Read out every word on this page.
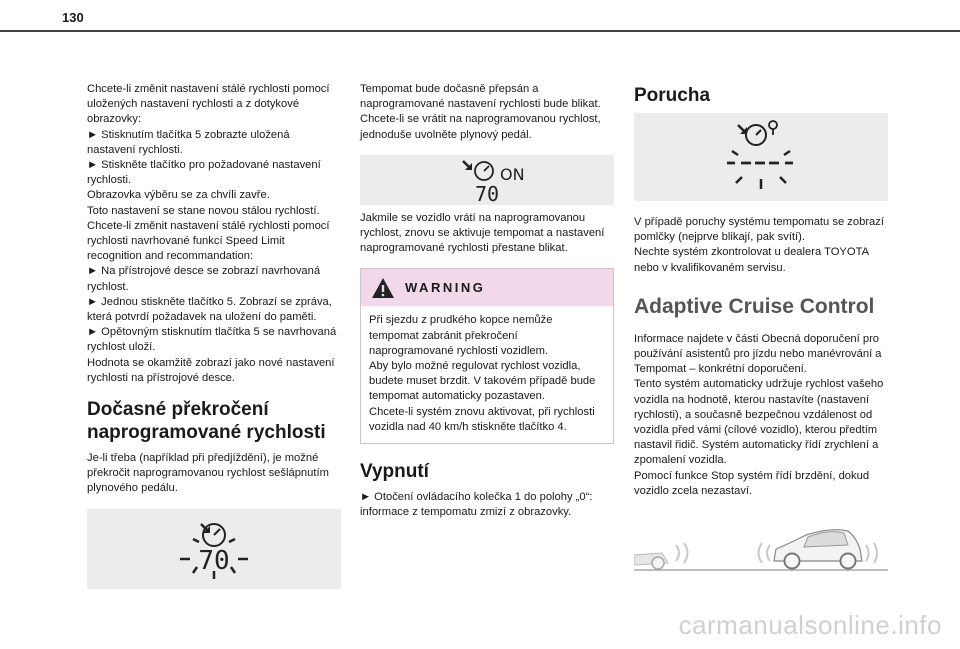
130

Chcete-li změnit nastavení stálé rychlosti pomocí uložených nastavení rychlosti a z dotykové obrazovky:

► Stisknutím tlačítka 5 zobrazte uložená nastavení rychlosti.

► Stiskněte tlačítko pro požadované nastavení rychlosti.

Obrazovka výběru se za chvíli zavře.

Toto nastavení se stane novou stálou rychlostí.

Chcete-li změnit nastavení stálé rychlosti pomocí rychlosti navrhované funkcí Speed Limit recognition and recommandation:

► Na přístrojové desce se zobrazí navrhovaná rychlost.

► Jednou stiskněte tlačítko 5. Zobrazí se zpráva, která potvrdí požadavek na uložení do paměti.

► Opětovným stisknutím tlačítka 5 se navrhovaná rychlost uloží.

Hodnota se okamžitě zobrazí jako nové nastavení rychlosti na přístrojové desce.

Dočasné překročení naprogramované rychlosti

Je-li třeba (například při předjíždění), je možné překročit naprogramovanou rychlost sešlápnutím plynového pedálu.

70

Tempomat bude dočasně přepsán a naprogramované nastavení rychlosti bude blikat.

Chcete-li se vrátit na naprogramovanou rychlost, jednoduše uvolněte plynový pedál.

ON
70

Jakmile se vozidlo vrátí na naprogramovanou rychlost, znovu se aktivuje tempomat a nastavení naprogramované rychlosti přestane blikat.

WARNING

Při sjezdu z prudkého kopce nemůže tempomat zabránit překročení naprogramované rychlosti vozidlem.

Aby bylo možné regulovat rychlost vozidla, budete muset brzdit. V takovém případě bude tempomat automaticky pozastaven.

Chcete-li systém znovu aktivovat, při rychlosti vozidla nad 40 km/h stiskněte tlačítko 4.

Vypnutí

► Otočení ovládacího kolečka 1 do polohy „0“: informace z tempomatu zmizí z obrazovky.

Porucha

V případě poruchy systému tempomatu se zobrazí pomlčky (nejprve blikají, pak svítí).

Nechte systém zkontrolovat u dealera TOYOTA nebo v kvalifikovaném servisu.

Adaptive Cruise Control

Informace najdete v části Obecná doporučení pro používání asistentů pro jízdu nebo manévrování a Tempomat – konkrétní doporučení.

Tento systém automaticky udržuje rychlost vašeho vozidla na hodnotě, kterou nastavíte (nastavení rychlosti), a současně bezpečnou vzdálenost od vozidla před vámi (cílové vozidlo), kterou předtím nastavil řidič. Systém automaticky řídí zrychlení a zpomalení vozidla.

Pomocí funkce Stop systém řídí brzdění, dokud vozidlo zcela nezastaví.

carmanualsonline.info
